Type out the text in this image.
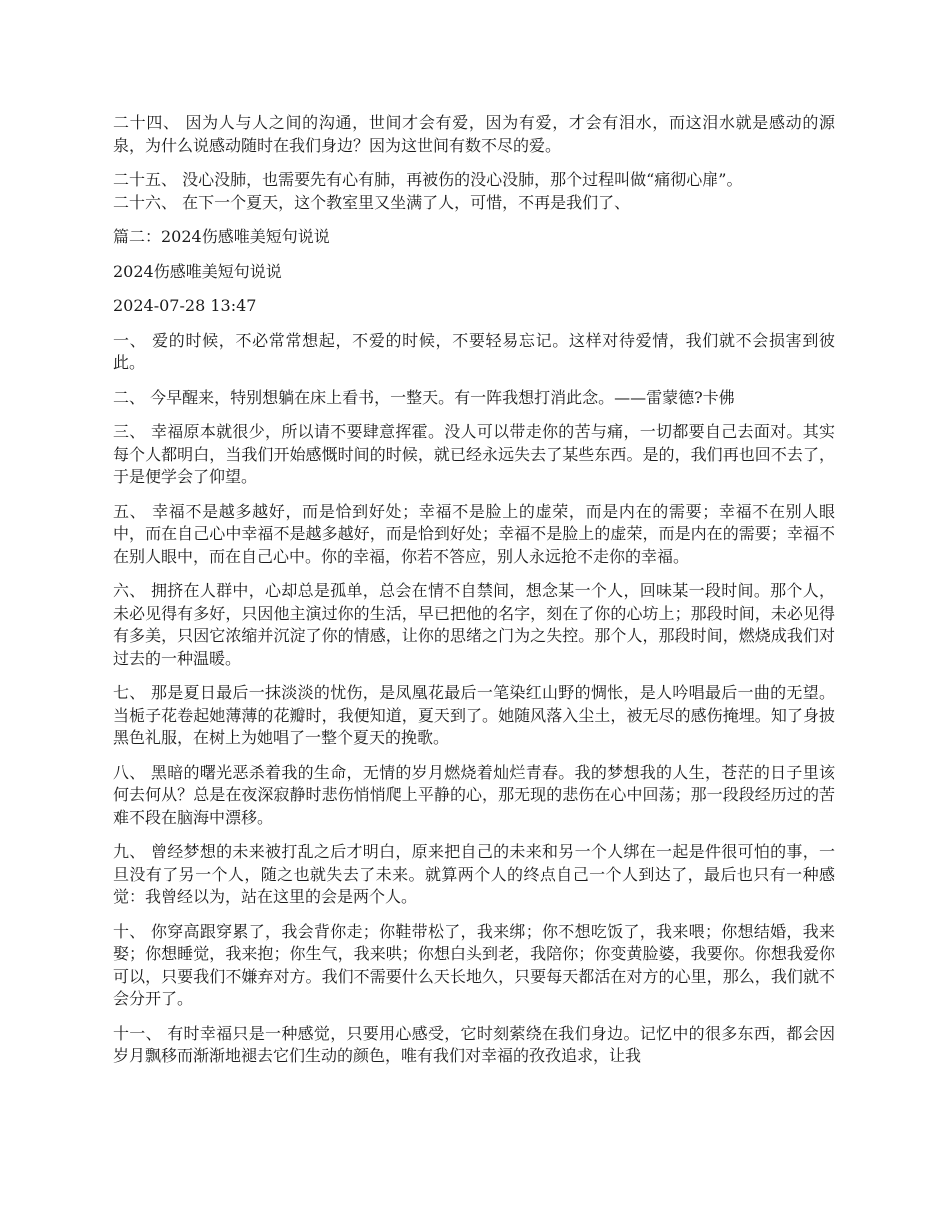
二十四、 因为人与人之间的沟通，世间才会有爱，因为有爱，才会有泪水，而这泪水就是感动的源泉，为什么说感动随时在我们身边？因为这世间有数不尽的爱。

二十五、 没心没肺，也需要先有心有肺，再被伤的没心没肺，那个过程叫做“痛彻心扉”。

二十六、 在下一个夏天，这个教室里又坐满了人，可惜，不再是我们了、

篇二：2024伤感唯美短句说说

2024伤感唯美短句说说

2024-07-28 13:47

一、 爱的时候，不必常常想起，不爱的时候，不要轻易忘记。这样对待爱情，我们就不会损害到彼此。

二、 今早醒来，特别想躺在床上看书，一整天。有一阵我想打消此念。——雷蒙德?卡佛

三、 幸福原本就很少，所以请不要肆意挥霍。没人可以带走你的苦与痛，一切都要自己去面对。其实每个人都明白，当我们开始感慨时间的时候，就已经永远失去了某些东西。是的，我们再也回不去了，于是便学会了仰望。

五、 幸福不是越多越好，而是恰到好处；幸福不是脸上的虚荣，而是内在的需要；幸福不在别人眼中，而在自己心中幸福不是越多越好，而是恰到好处；幸福不是脸上的虚荣，而是内在的需要；幸福不在别人眼中，而在自己心中。你的幸福，你若不答应，别人永远抢不走你的幸福。

六、 拥挤在人群中，心却总是孤单，总会在情不自禁间，想念某一个人，回味某一段时间。那个人，未必见得有多好，只因他主演过你的生活，早已把他的名字，刻在了你的心坊上；那段时间，未必见得有多美，只因它浓缩并沉淀了你的情感，让你的思绪之门为之失控。那个人，那段时间，燃烧成我们对过去的一种温暖。

七、 那是夏日最后一抹淡淡的忧伤，是凤凰花最后一笔染红山野的惆怅，是人吟唱最后一曲的无望。当栀子花卷起她薄薄的花瓣时，我便知道，夏天到了。她随风落入尘土，被无尽的感伤掩埋。知了身披黑色礼服，在树上为她唱了一整个夏天的挽歌。

八、 黑暗的曙光恶杀着我的生命，无情的岁月燃烧着灿烂青春。我的梦想我的人生，苍茫的日子里该何去何从？总是在夜深寂静时悲伤悄悄爬上平静的心，那无现的悲伤在心中回荡；那一段段经历过的苦难不段在脑海中漂移。

九、 曾经梦想的未来被打乱之后才明白，原来把自己的未来和另一个人绑在一起是件很可怕的事，一旦没有了另一个人，随之也就失去了未来。就算两个人的终点自己一个人到达了，最后也只有一种感觉：我曾经以为，站在这里的会是两个人。

十、 你穿高跟穿累了，我会背你走；你鞋带松了，我来绑；你不想吃饭了，我来喂；你想结婚，我来娶；你想睡觉，我来抱；你生气，我来哄；你想白头到老，我陪你；你变黄脸婆，我要你。你想我爱你可以，只要我们不嫌弃对方。我们不需要什么天长地久，只要每天都活在对方的心里，那么，我们就不会分开了。

十一、 有时幸福只是一种感觉，只要用心感受，它时刻萦绕在我们身边。记忆中的很多东西，都会因岁月飘移而渐渐地褪去它们生动的颜色，唯有我们对幸福的孜孜追求，让我
